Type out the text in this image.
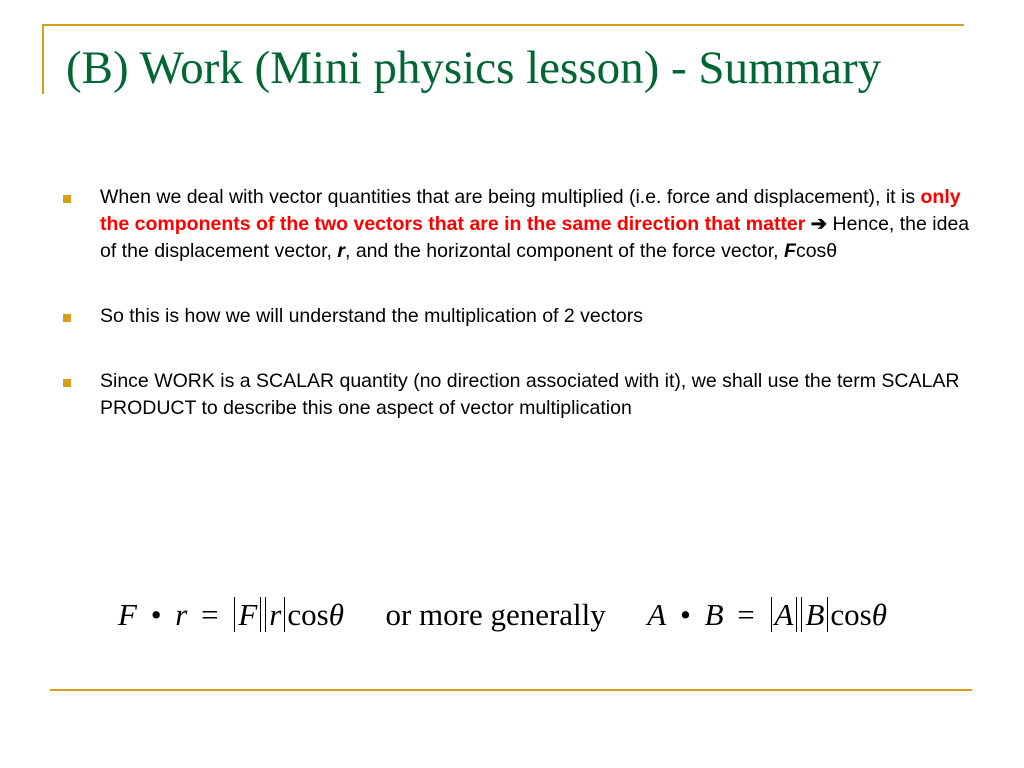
(B) Work (Mini physics lesson) - Summary
When we deal with vector quantities that are being multiplied (i.e. force and displacement), it is only the components of the two vectors that are in the same direction that matter ➔ Hence, the idea of the displacement vector, r, and the horizontal component of the force vector, Fcosθ
So this is how we will understand the multiplication of 2 vectors
Since WORK is a SCALAR quantity (no direction associated with it), we shall use the term SCALAR PRODUCT to describe this one aspect of vector multiplication
F • r = F r cosθ or more generally A • B = A B cosθ
